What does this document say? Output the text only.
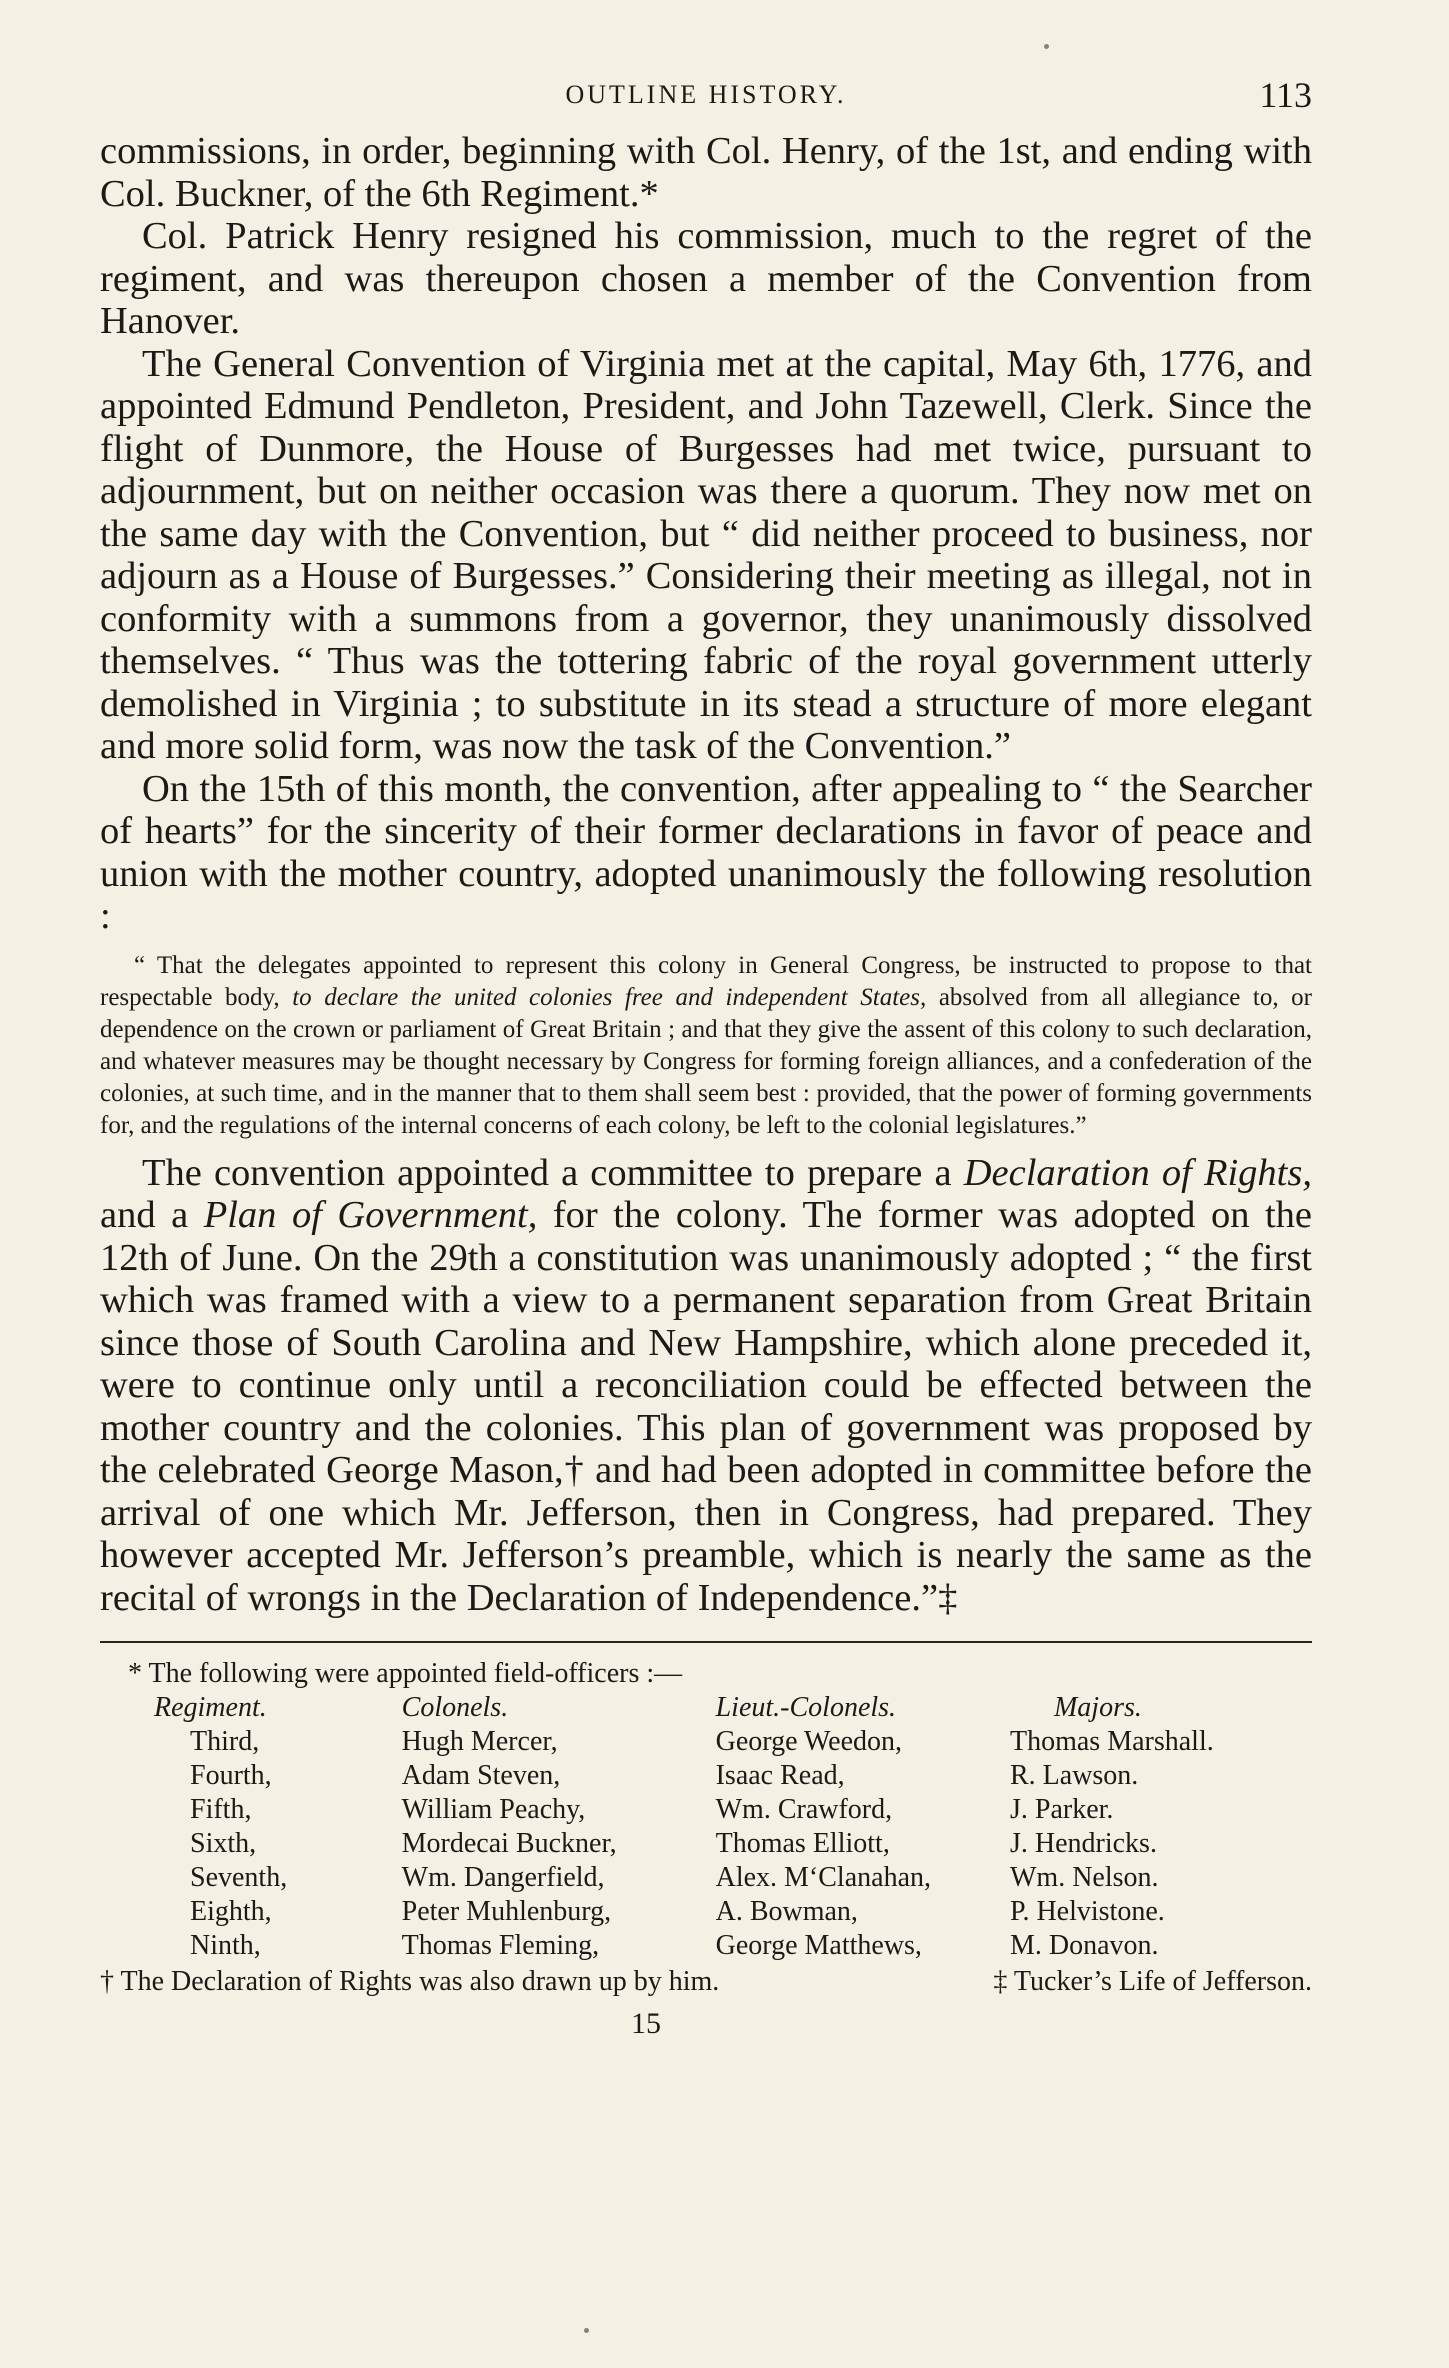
OUTLINE HISTORY.	113

commissions, in order, beginning with Col. Henry, of the 1st, and ending with Col. Buckner, of the 6th Regiment.*

Col. Patrick Henry resigned his commission, much to the regret of the regiment, and was thereupon chosen a member of the Convention from Hanover.

The General Convention of Virginia met at the capital, May 6th, 1776, and appointed Edmund Pendleton, President, and John Tazewell, Clerk. Since the flight of Dunmore, the House of Burgesses had met twice, pursuant to adjournment, but on neither occasion was there a quorum. They now met on the same day with the Convention, but “ did neither proceed to business, nor adjourn as a House of Burgesses.” Considering their meeting as illegal, not in conformity with a summons from a governor, they unanimously dissolved themselves. “ Thus was the tottering fabric of the royal government utterly demolished in Virginia ; to substitute in its stead a structure of more elegant and more solid form, was now the task of the Convention.”

On the 15th of this month, the convention, after appealing to “ the Searcher of hearts” for the sincerity of their former declarations in favor of peace and union with the mother country, adopted unanimously the following resolution :

“ That the delegates appointed to represent this colony in General Congress, be instructed to propose to that respectable body, to declare the united colonies free and independent States, absolved from all allegiance to, or dependence on the crown or parliament of Great Britain ; and that they give the assent of this colony to such declaration, and whatever measures may be thought necessary by Congress for forming foreign alliances, and a confederation of the colonies, at such time, and in the manner that to them shall seem best : provided, that the power of forming governments for, and the regulations of the internal concerns of each colony, be left to the colonial legislatures.”

The convention appointed a committee to prepare a Declaration of Rights, and a Plan of Government, for the colony. The former was adopted on the 12th of June. On the 29th a constitution was unanimously adopted ; “ the first which was framed with a view to a permanent separation from Great Britain since those of South Carolina and New Hampshire, which alone preceded it, were to continue only until a reconciliation could be effected between the mother country and the colonies. This plan of government was proposed by the celebrated George Mason,† and had been adopted in committee before the arrival of one which Mr. Jefferson, then in Congress, had prepared. They however accepted Mr. Jefferson’s preamble, which is nearly the same as the recital of wrongs in the Declaration of Independence.”‡

* The following were appointed field-officers :—
Regiment.	Colonels.	Lieut.-Colonels.	Majors.
Third,	Hugh Mercer,	George Weedon,	Thomas Marshall.
Fourth,	Adam Steven,	Isaac Read,	R. Lawson.
Fifth,	William Peachy,	Wm. Crawford,	J. Parker.
Sixth,	Mordecai Buckner,	Thomas Elliott,	J. Hendricks.
Seventh,	Wm. Dangerfield,	Alex. M‘Clanahan,	Wm. Nelson.
Eighth,	Peter Muhlenburg,	A. Bowman,	P. Helvistone.
Ninth,	Thomas Fleming,	George Matthews,	M. Donavon.
† The Declaration of Rights was also drawn up by him.	‡ Tucker’s Life of Jefferson.
15
